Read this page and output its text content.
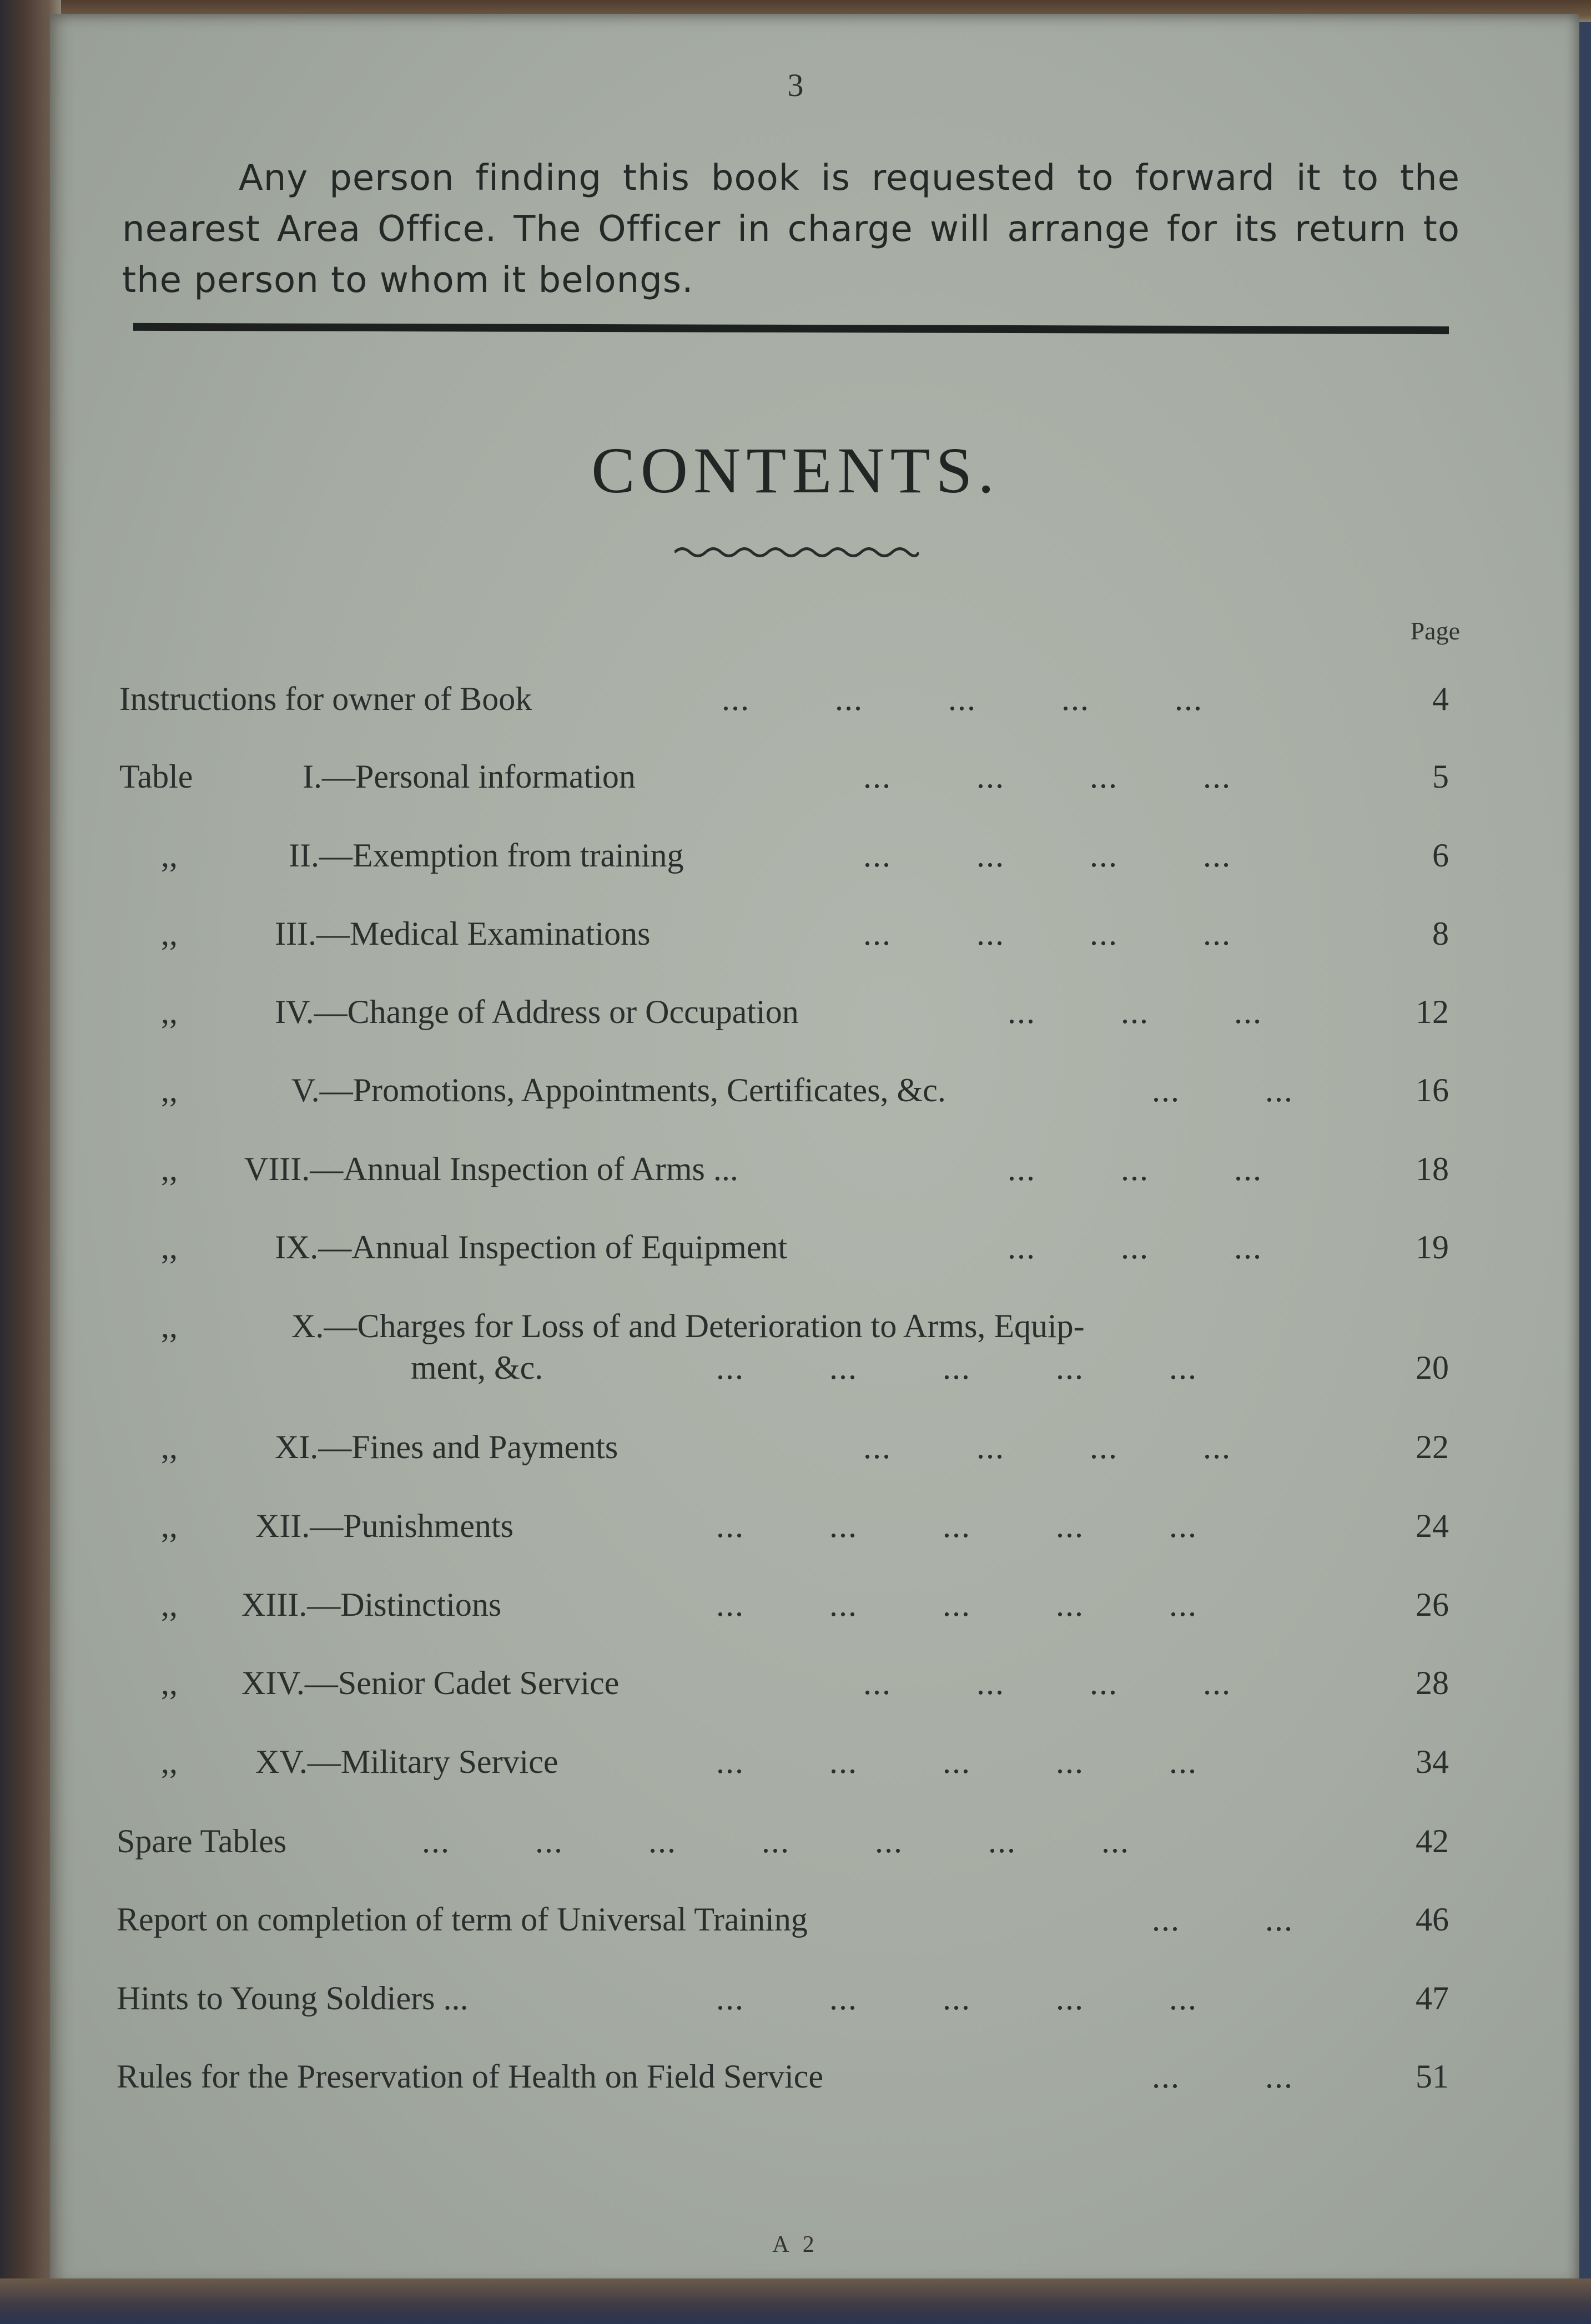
3
Any person finding this book is requested to forward it to the nearest Area Office. The Officer in charge will arrange for its return to the person to whom it belongs.
CONTENTS.
Page
Instructions for owner of Book	...         ...         ...         ...         ...	4
Table	I.—Personal information	...         ...         ...         ...	5
,,	II.—Exemption from training	...         ...         ...         ...	6
,,	III.—Medical Examinations	...         ...         ...         ...	8
,,	IV.—Change of Address or Occupation	...         ...         ...	12
,,	V.—Promotions, Appointments, Certificates, &c.	...         ...	16
,, VIII.—Annual Inspection of Arms ...	...         ...         ...	18
,,	IX.—Annual Inspection of Equipment	...         ...         ...	19
,,	X.—Charges for Loss of and Deterioration to Arms, Equip-
ment, &c.	...         ...         ...         ...         ...	20
,,	XI.—Fines and Payments	...         ...         ...         ...	22
,, XII.—Punishments	...         ...         ...         ...         ...	24
,, XIII.—Distinctions	...         ...         ...         ...         ...	26
,, XIV.—Senior Cadet Service	...         ...         ...         ...	28
,, XV.—Military Service	...         ...         ...         ...         ...	34
Spare Tables	...         ...         ...         ...         ...         ...         ...	42
Report on completion of term of Universal Training	...         ...	46
Hints to Young Soldiers ...	...         ...         ...         ...         ...	47
Rules for the Preservation of Health on Field Service	...         ...	51
A 2
